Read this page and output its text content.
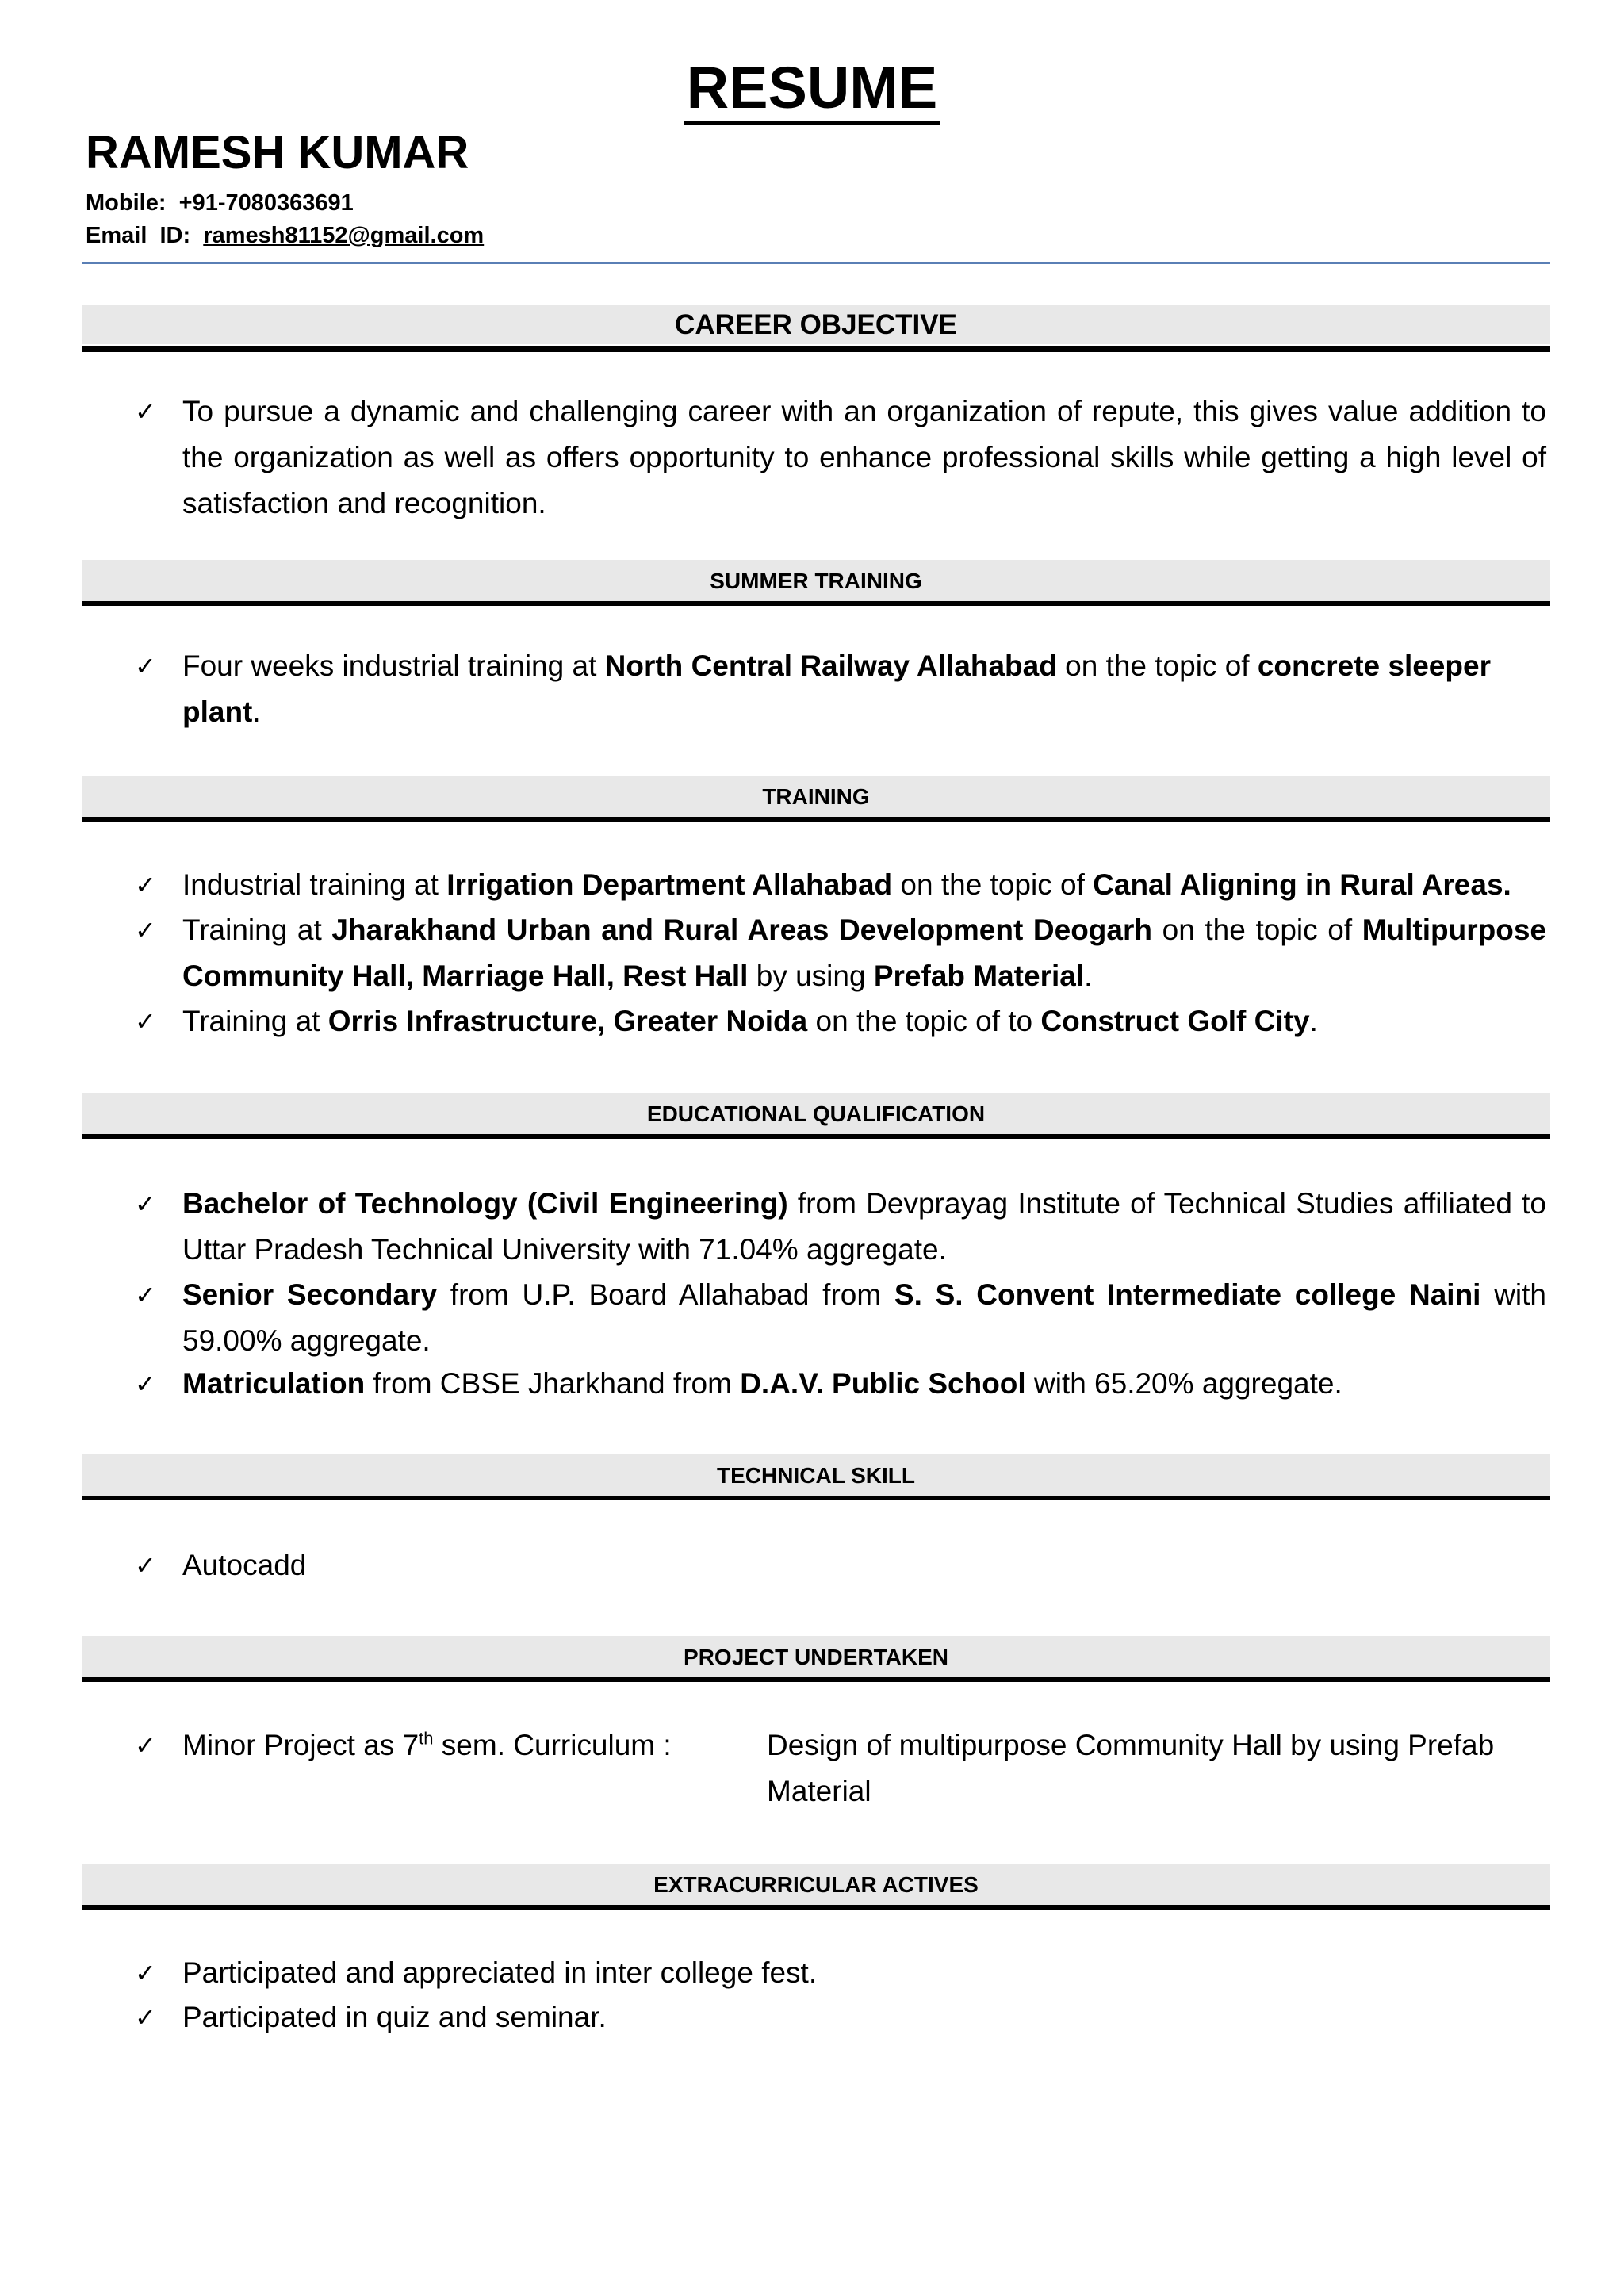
RESUME
RAMESH KUMAR
Mobile: +91-7080363691
Email  ID: ramesh81152@gmail.com
CAREER OBJECTIVE
✓ To pursue a dynamic and challenging career with an organization of repute, this gives value addition to the organization as well as offers opportunity to enhance professional skills while getting a high level of satisfaction and recognition.
SUMMER TRAINING
✓ Four weeks industrial training at North Central Railway Allahabad on the topic of concrete sleeper plant.
TRAINING
✓ Industrial training at Irrigation Department Allahabad on the topic of Canal Aligning in Rural Areas.
✓ Training at Jharakhand Urban and Rural Areas Development Deogarh on the topic of Multipurpose Community Hall, Marriage Hall, Rest Hall by using Prefab Material.
✓ Training at Orris Infrastructure, Greater Noida on the topic of to Construct Golf City.
EDUCATIONAL QUALIFICATION
✓ Bachelor of Technology (Civil Engineering) from Devprayag Institute of Technical Studies affiliated to Uttar Pradesh Technical University with 71.04% aggregate.
✓ Senior Secondary from U.P. Board Allahabad from S. S. Convent Intermediate college Naini with 59.00% aggregate.
✓ Matriculation from CBSE Jharkhand from D.A.V. Public School with 65.20% aggregate.
TECHNICAL SKILL
✓ Autocadd
PROJECT UNDERTAKEN
✓ Minor Project as 7th sem. Curriculum :	Design of multipurpose Community Hall by using Prefab Material
EXTRACURRICULAR ACTIVES
✓ Participated and appreciated in inter college fest.
✓ Participated in quiz and seminar.
